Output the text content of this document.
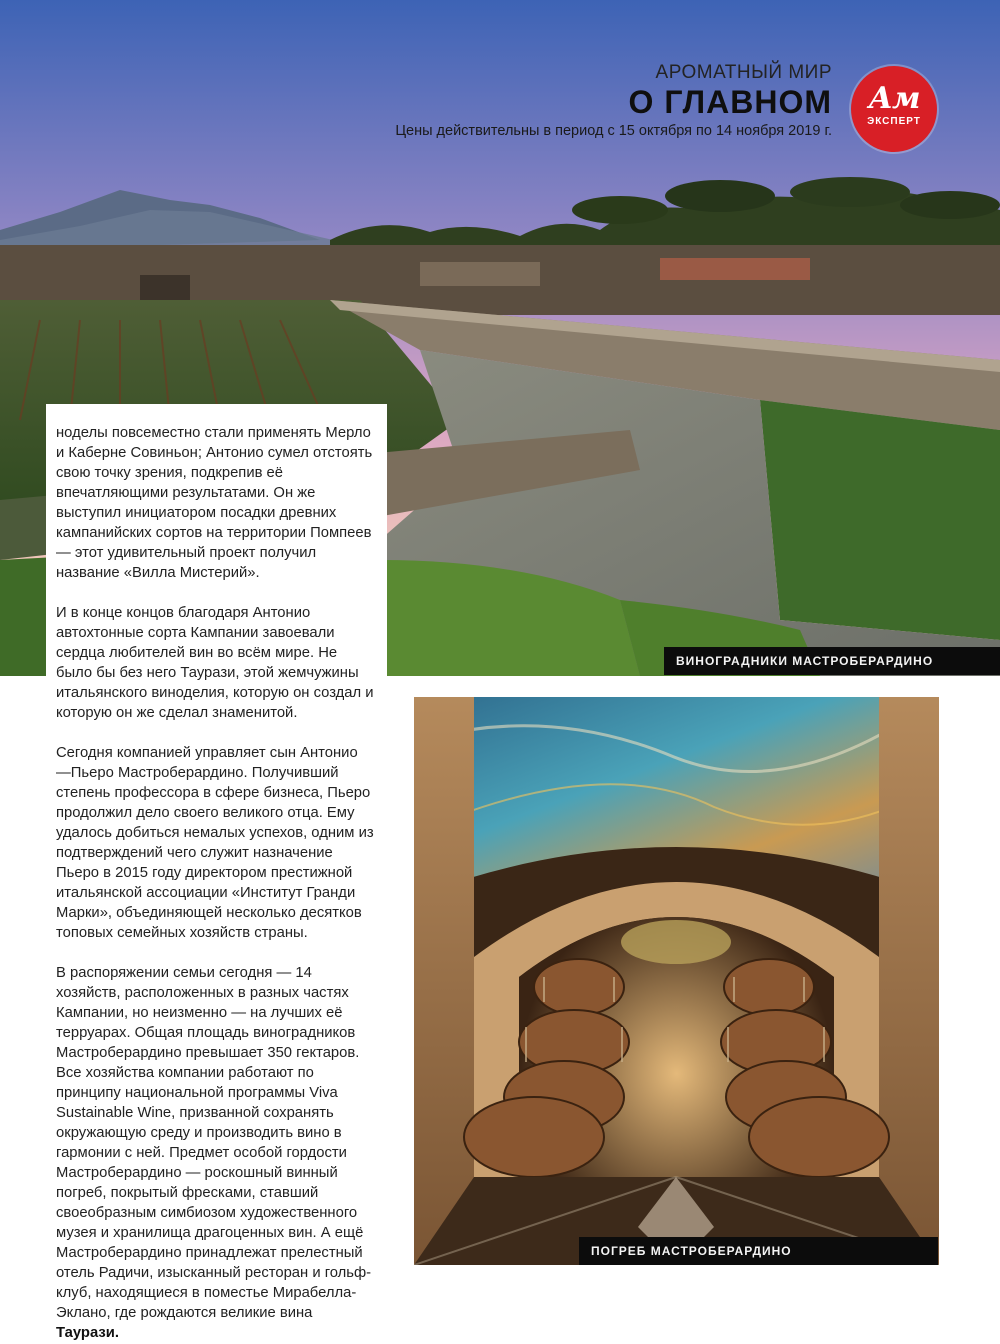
АРОМАТНЫЙ МИР
О ГЛАВНОМ
Цены действительны в период с 15 октября по 14 ноября 2019 г.
Ам
ЭКСПЕРТ
ВИНОГРАДНИКИ МАСТРОБЕРАРДИНО

ноделы повсеместно стали применять Мерло и Каберне Совиньон; Антонио сумел отстоять свою точку зрения, подкрепив её впечатляющими результатами. Он же выступил инициатором посадки древних кампанийских сортов на территории Помпеев — этот удивительный проект получил название «Вилла Мистерий».

И в конце концов благодаря Антонио автохтонные сорта Кампании завоевали сердца любителей вин во всём мире. Не было бы без него Таурази, этой жемчужины итальянского виноделия, которую он создал и которую он же сделал знаменитой.

Сегодня компанией управляет сын Антонио —Пьеро Мастроберардино. Получивший степень профессора в сфере бизнеса, Пьеро продолжил дело своего великого отца. Ему удалось добиться немалых успехов, одним из подтверждений чего служит назначение Пьеро в 2015 году директором престижной итальянской ассоциации «Институт Гранди Марки», объединяющей несколько десятков топовых семейных хозяйств страны.

В распоряжении семьи сегодня — 14 хозяйств, расположенных в разных частях Кампании, но неизменно — на лучших её терруарах. Общая площадь виноградников Мастроберардино превышает 350 гектаров. Все хозяйства компании работают по принципу национальной программы Viva Sustainable Wine, призванной сохранять окружающую среду и производить вино в гармонии с ней. Предмет особой гордости Мастроберардино — роскошный винный погреб, покрытый фресками, ставший своеобразным симбиозом художественного музея и хранилища драгоценных вин. А ещё Мастроберардино принадлежат прелестный отель Радичи, изысканный ресторан и гольф-клуб, находящиеся в поместье Мирабелла-Эклано, где рождаются великие вина Таурази.

ПОГРЕБ МАСТРОБЕРАРДИНО
